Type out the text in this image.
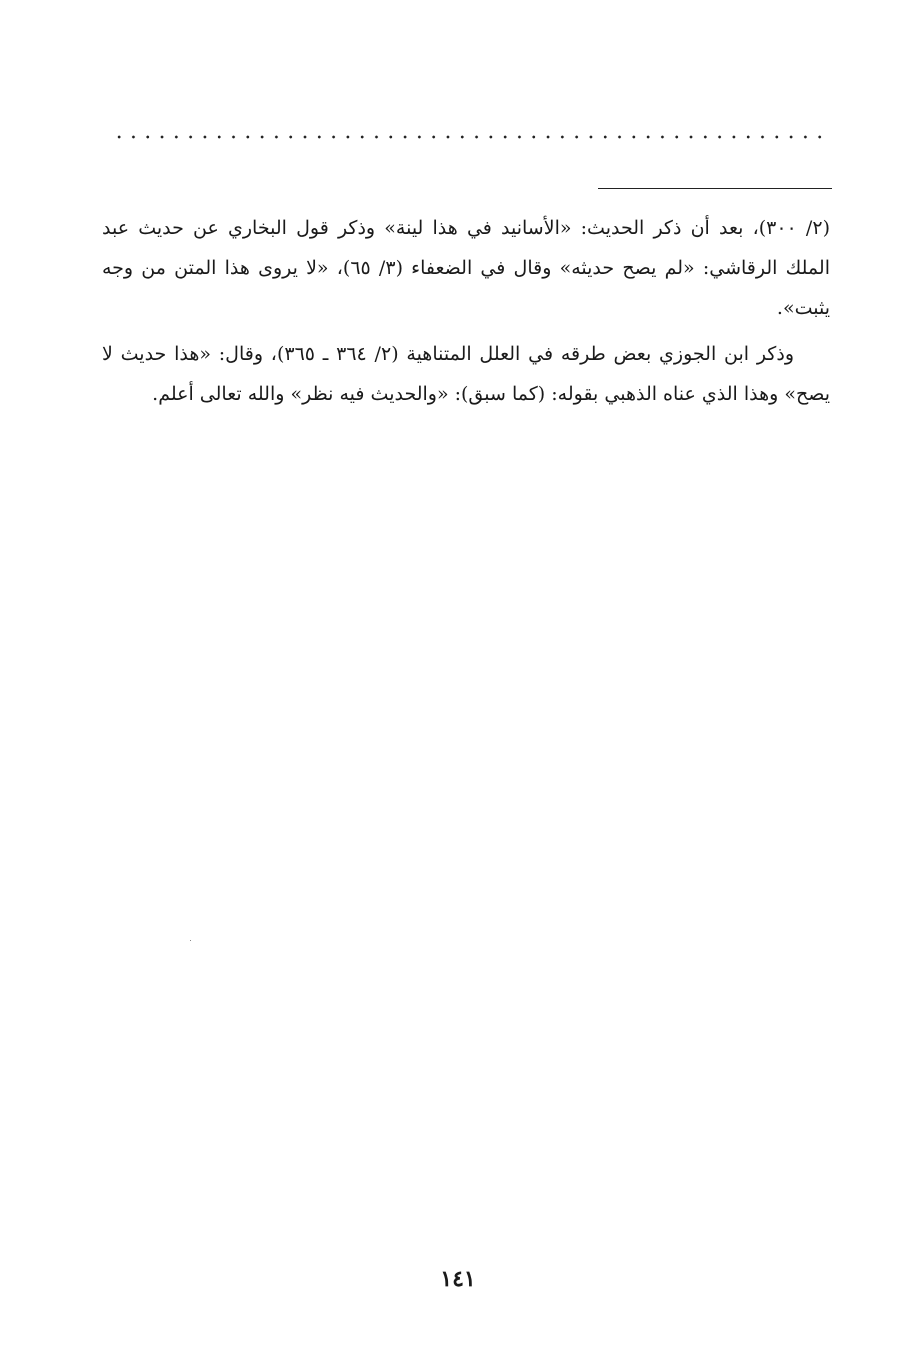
(٢/ ٣٠٠)، بعد أن ذكر الحديث: «الأسانيد في هذا لينة» وذكر قول البخاري عن حديث عبد الملك الرقاشي: «لم يصح حديثه» وقال في الضعفاء (٣/ ٦٥)، «لا يروى هذا المتن من وجه يثبت».

وذكر ابن الجوزي بعض طرقه في العلل المتناهية (٢/ ٣٦٤ ـ ٣٦٥)، وقال: «هذا حديث لا يصح» وهذا الذي عناه الذهبي بقوله: (كما سبق): «والحديث فيه نظر» والله تعالى أعلم.

١٤١
